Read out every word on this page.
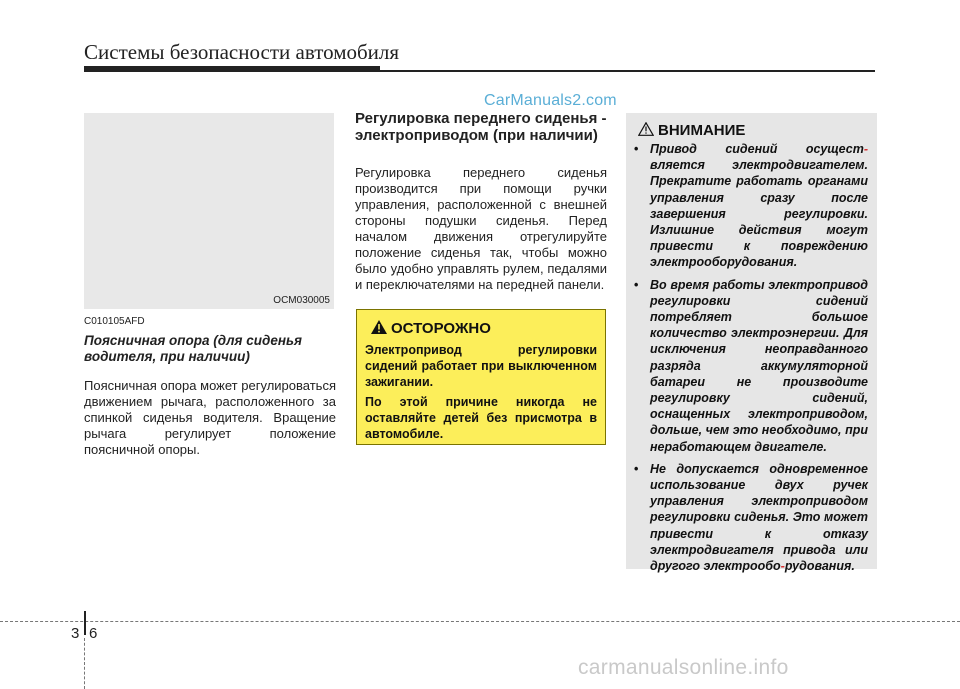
Системы безопасности автомобиля
CarManuals2.com
OCM030005
C010105AFD
Поясничная опора (для сиденья водителя, при наличии)
Поясничная опора может регулироваться движением рычага, расположенного за спинкой сиденья водителя. Вращение рычага регулирует положение поясничной опоры.
Регулировка переднего сиденья - электроприводом (при наличии)
Регулировка переднего сиденья производится при помощи ручки управления, расположенной с внешней стороны подушки сиденья. Перед началом движения отрегулируйте положение сиденья так, чтобы можно было удобно управлять рулем, педалями и переключателями на передней панели.
ОСТОРОЖНО

Электропривод регулировки сидений работает при выключенном зажигании.

По этой причине никогда не оставляйте детей без присмотра в автомобиле.

ВНИМАНИЕ
• Привод сидений осущест-вляется электродвигателем. Прекратите работать органами управления сразу после завершения регулировки. Излишние действия могут привести к повреждению электрооборудования.
• Во время работы электропривод регулировки сидений потребляет большое количество электроэнергии. Для исключения неоправданного разряда аккумуляторной батареи не производите регулировку сидений, оснащенных электроприводом, дольше, чем это необходимо, при неработающем двигателе.
• Не допускается одновременное использование двух ручек управления электроприводом регулировки сиденья. Это может привести к отказу электродвигателя привода или другого электрообо-рудования.
3 6
carmanualsonline.info
